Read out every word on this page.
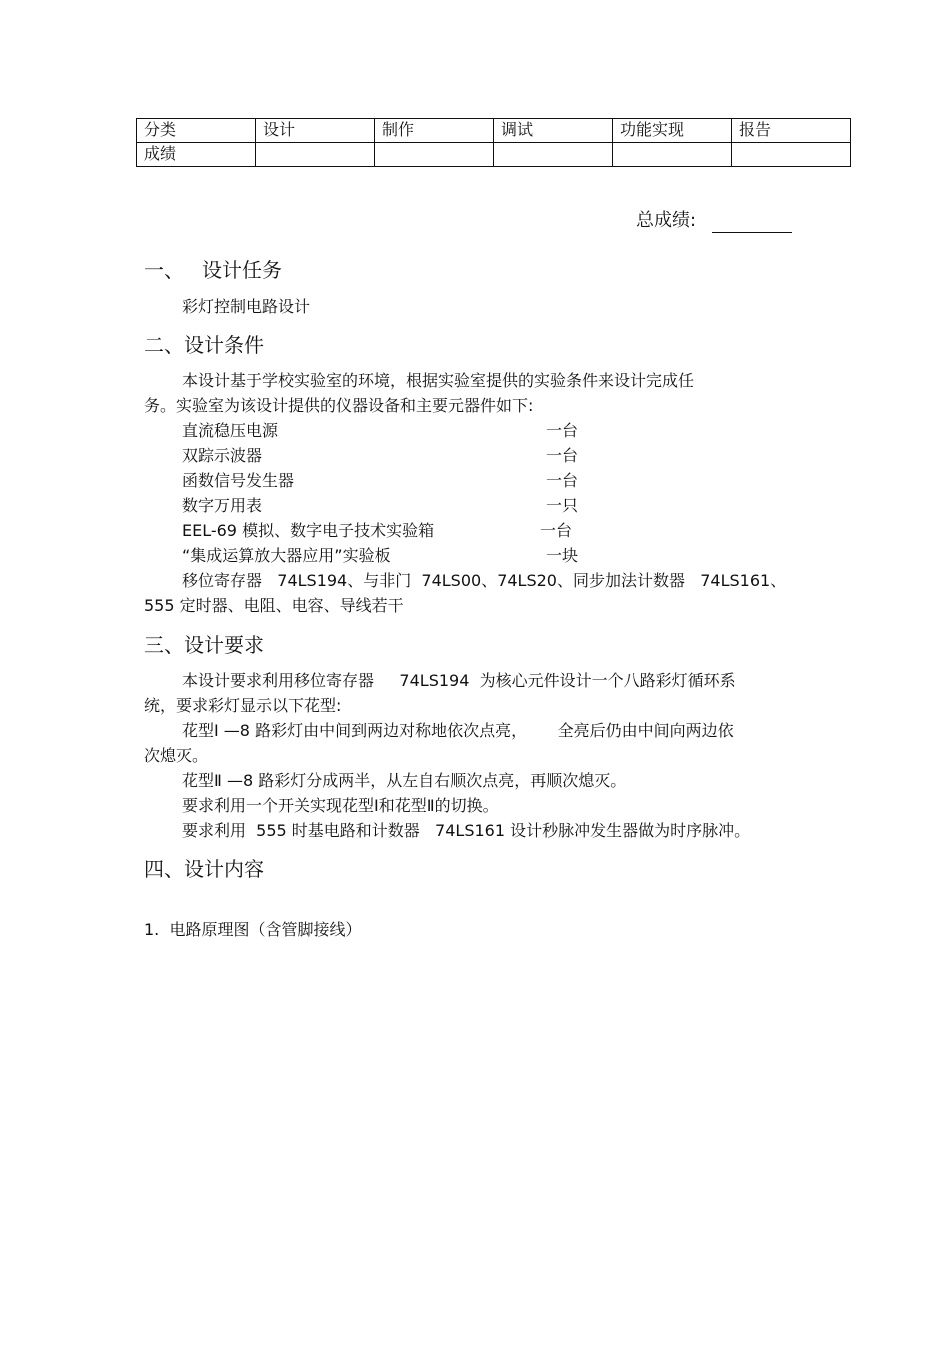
分类	设计	制作	调试	功能实现	报告
成绩					
总成绩:
一、 设计任务
彩灯控制电路设计
二、设计条件
本设计基于学校实验室的环境，根据实验室提供的实验条件来设计完成任
务。实验室为该设计提供的仪器设备和主要元器件如下:
直流稳压电源	一台
双踪示波器	一台
函数信号发生器	一台
数字万用表	一只
EEL-69 模拟、数字电子技术实验箱	一台
“集成运算放大器应用”实验板	一块
移位寄存器   74LS194、与非门  74LS00、74LS20、同步加法计数器   74LS161、
555 定时器、电阻、电容、导线若干
三、设计要求
本设计要求利用移位寄存器     74LS194  为核心元件设计一个八路彩灯循环系
统，要求彩灯显示以下花型:
花型Ⅰ —8 路彩灯由中间到两边对称地依次点亮，      全亮后仍由中间向两边依
次熄灭。
花型Ⅱ —8 路彩灯分成两半，从左自右顺次点亮，再顺次熄灭。
要求利用一个开关实现花型Ⅰ和花型Ⅱ的切换。
要求利用  555 时基电路和计数器   74LS161 设计秒脉冲发生器做为时序脉冲。
四、设计内容
1.  电路原理图（含管脚接线）
